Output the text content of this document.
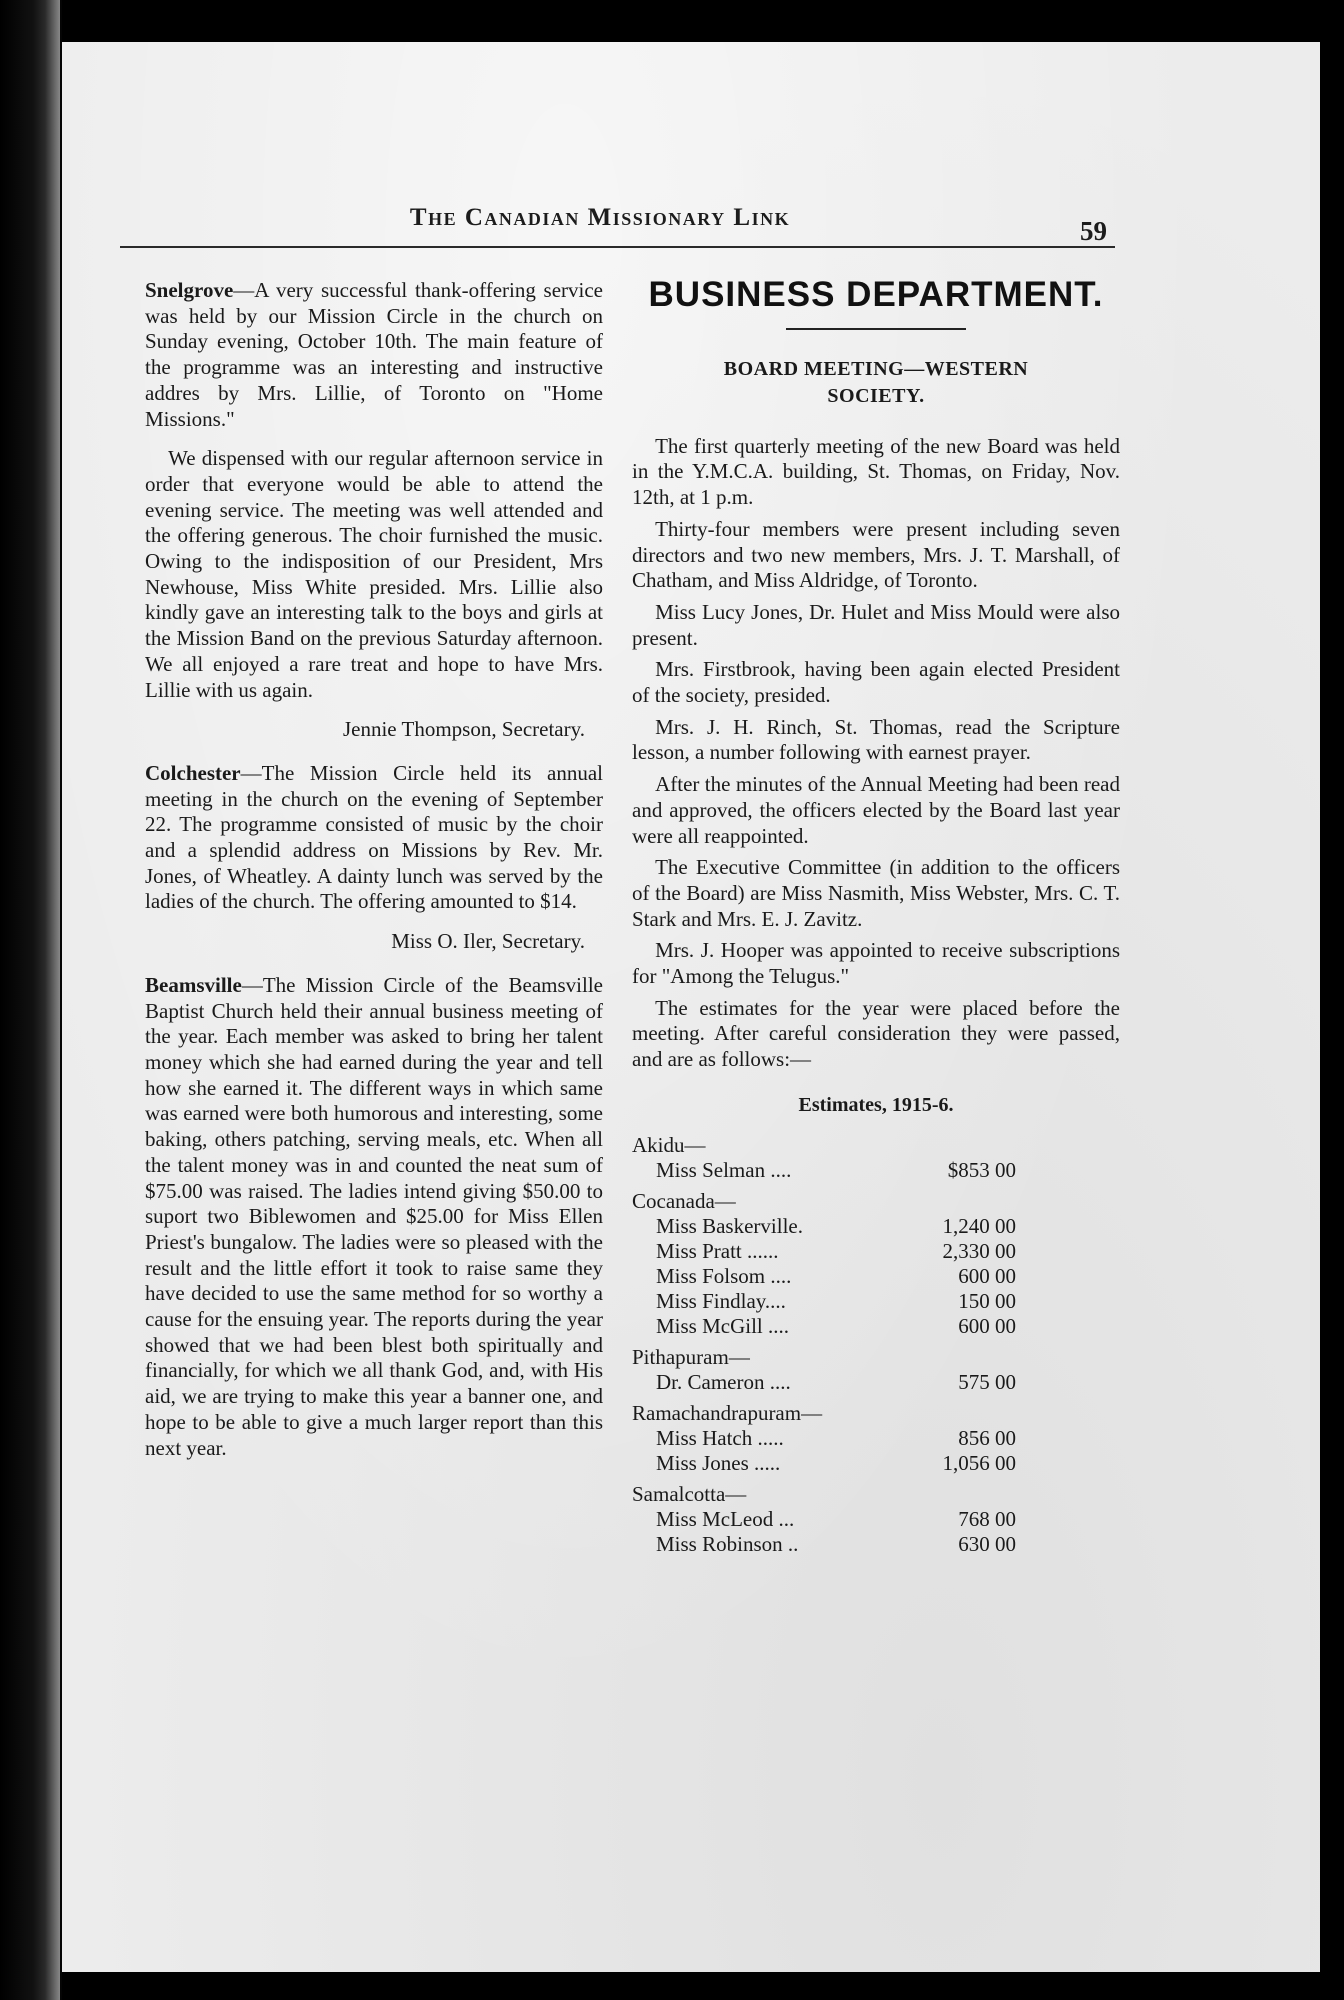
The Canadian Missionary Link	59

Snelgrove—A very successful thank-offering service was held by our Mission Circle in the church on Sunday evening, October 10th. The main feature of the programme was an interesting and instructive addres by Mrs. Lillie, of Toronto on "Home Missions."

We dispensed with our regular afternoon service in order that everyone would be able to attend the evening service. The meeting was well attended and the offering generous. The choir furnished the music. Owing to the indisposition of our President, Mrs Newhouse, Miss White presided. Mrs. Lillie also kindly gave an interesting talk to the boys and girls at the Mission Band on the previous Saturday afternoon. We all enjoyed a rare treat and hope to have Mrs. Lillie with us again.

Jennie Thompson, Secretary.

Colchester—The Mission Circle held its annual meeting in the church on the evening of September 22. The programme consisted of music by the choir and a splendid address on Missions by Rev. Mr. Jones, of Wheatley. A dainty lunch was served by the ladies of the church. The offering amounted to $14.

Miss O. Iler, Secretary.

Beamsville—The Mission Circle of the Beamsville Baptist Church held their annual business meeting of the year. Each member was asked to bring her talent money which she had earned during the year and tell how she earned it. The different ways in which same was earned were both humorous and interesting, some baking, others patching, serving meals, etc. When all the talent money was in and counted the neat sum of $75.00 was raised. The ladies intend giving $50.00 to suport two Biblewomen and $25.00 for Miss Ellen Priest's bungalow. The ladies were so pleased with the result and the little effort it took to raise same they have decided to use the same method for so worthy a cause for the ensuing year. The reports during the year showed that we had been blest both spiritually and financially, for which we all thank God, and, with His aid, we are trying to make this year a banner one, and hope to be able to give a much larger report than this next year.

BUSINESS DEPARTMENT.
BOARD MEETING—WESTERN
SOCIETY.

The first quarterly meeting of the new Board was held in the Y.M.C.A. building, St. Thomas, on Friday, Nov. 12th, at 1 p.m.

Thirty-four members were present including seven directors and two new members, Mrs. J. T. Marshall, of Chatham, and Miss Aldridge, of Toronto.

Miss Lucy Jones, Dr. Hulet and Miss Mould were also present.

Mrs. Firstbrook, having been again elected President of the society, presided.

Mrs. J. H. Rinch, St. Thomas, read the Scripture lesson, a number following with earnest prayer.

After the minutes of the Annual Meeting had been read and approved, the officers elected by the Board last year were all reappointed.

The Executive Committee (in addition to the officers of the Board) are Miss Nasmith, Miss Webster, Mrs. C. T. Stark and Mrs. E. J. Zavitz.

Mrs. J. Hooper was appointed to receive subscriptions for "Among the Telugus."

The estimates for the year were placed before the meeting. After careful consideration they were passed, and are as follows:—

Estimates, 1915-6.
Akidu—
Miss Selman ....	$853 00
Cocanada—
Miss Baskerville.	1,240 00
Miss Pratt ......	2,330 00
Miss Folsom ....	600 00
Miss Findlay....	150 00
Miss McGill ....	600 00
Pithapuram—
Dr. Cameron ....	575 00
Ramachandrapuram—
Miss Hatch .....	856 00
Miss Jones .....	1,056 00
Samalcotta—
Miss McLeod ...	768 00
Miss Robinson ..	630 00
